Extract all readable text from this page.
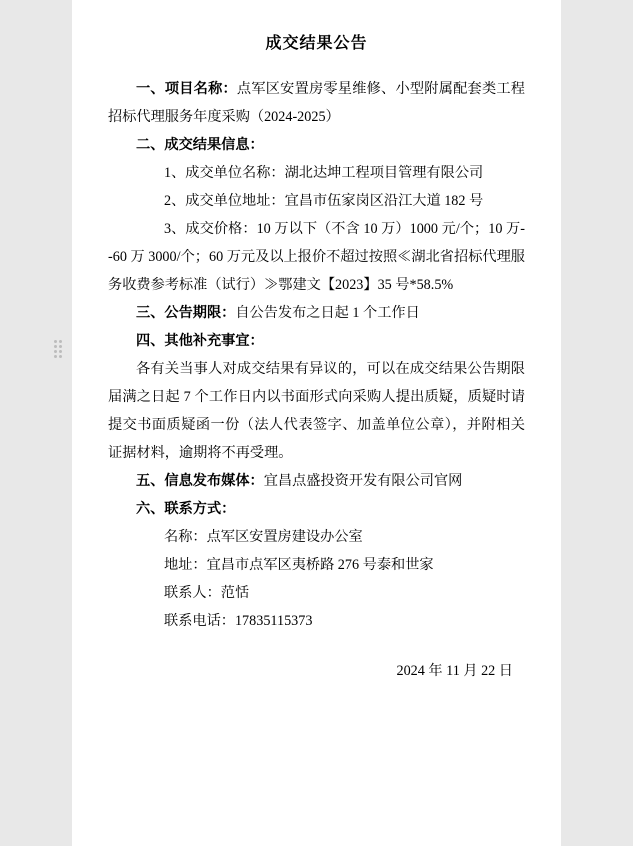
成交结果公告

一、项目名称：点军区安置房零星维修、小型附属配套类工程招标代理服务年度采购（2024-2025）

二、成交结果信息：

1、成交单位名称：湖北达坤工程项目管理有限公司

2、成交单位地址：宜昌市伍家岗区沿江大道 182 号

3、成交价格：10 万以下（不含 10 万）1000 元/个；10 万--60 万 3000/个；60 万元及以上报价不超过按照≪湖北省招标代理服务收费参考标准（试行）≫鄂建文【2023】35 号*58.5%

三、公告期限：自公告发布之日起 1 个工作日

四、其他补充事宜：

各有关当事人对成交结果有异议的，可以在成交结果公告期限届满之日起 7 个工作日内以书面形式向采购人提出质疑，质疑时请提交书面质疑函一份（法人代表签字、加盖单位公章），并附相关证据材料，逾期将不再受理。

五、信息发布媒体：宜昌点盛投资开发有限公司官网

六、联系方式：

名称：点军区安置房建设办公室

地址：宜昌市点军区夷桥路 276 号泰和世家

联系人：范恬

联系电话：17835115373

2024 年 11 月 22 日
